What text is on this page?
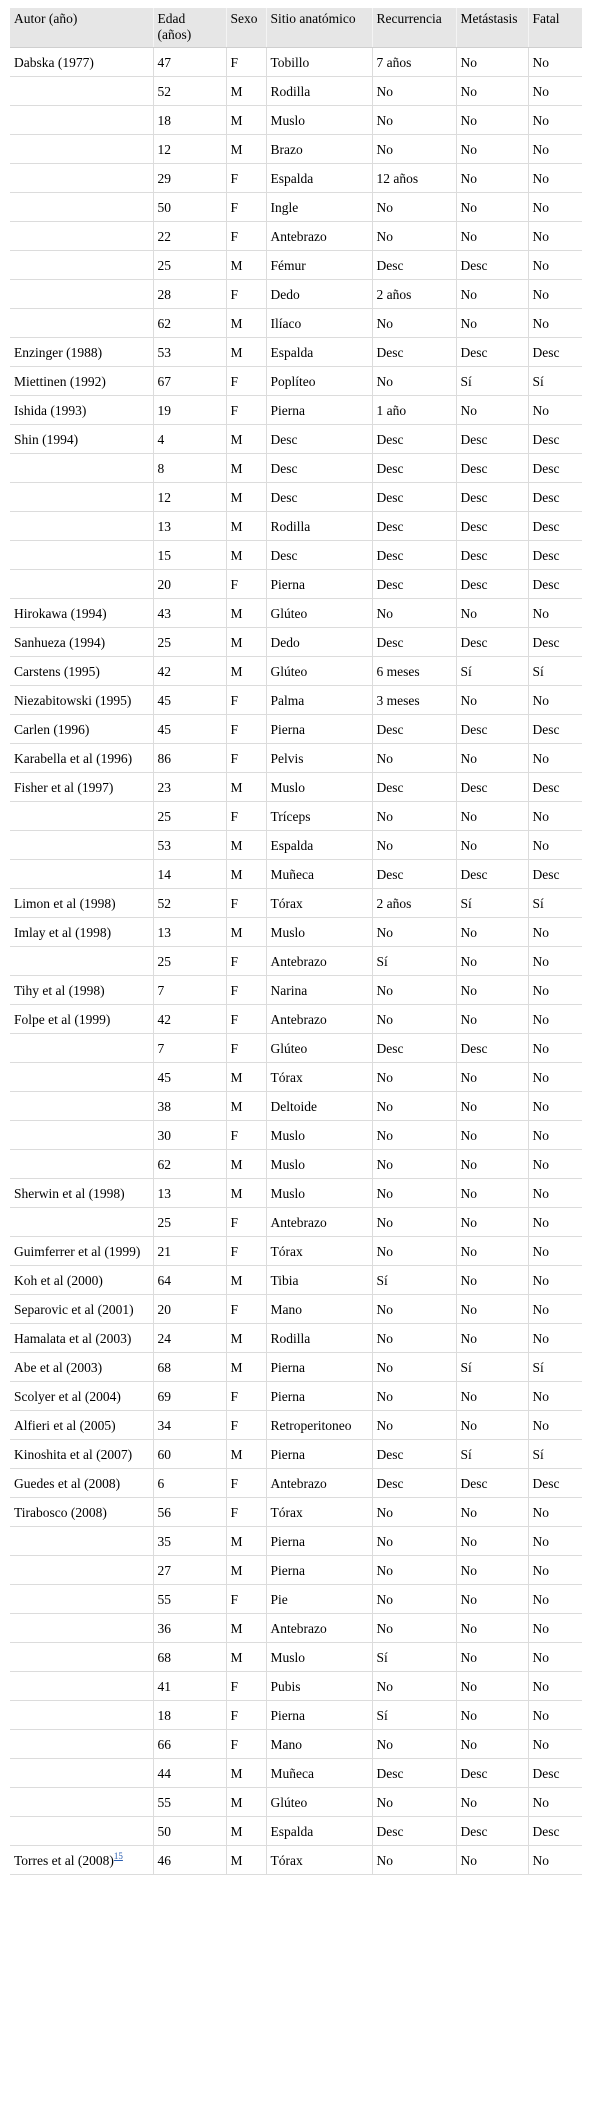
Autor (año)	Edad (años)	Sexo	Sitio anatómico	Recurrencia	Metástasis	Fatal
Dabska (1977)	47	F	Tobillo	7 años	No	No
	52	M	Rodilla	No	No	No
	18	M	Muslo	No	No	No
	12	M	Brazo	No	No	No
	29	F	Espalda	12 años	No	No
	50	F	Ingle	No	No	No
	22	F	Antebrazo	No	No	No
	25	M	Fémur	Desc	Desc	No
	28	F	Dedo	2 años	No	No
	62	M	Ilíaco	No	No	No
Enzinger (1988)	53	M	Espalda	Desc	Desc	Desc
Miettinen (1992)	67	F	Poplíteo	No	Sí	Sí
Ishida (1993)	19	F	Pierna	1 año	No	No
Shin (1994)	4	M	Desc	Desc	Desc	Desc
	8	M	Desc	Desc	Desc	Desc
	12	M	Desc	Desc	Desc	Desc
	13	M	Rodilla	Desc	Desc	Desc
	15	M	Desc	Desc	Desc	Desc
	20	F	Pierna	Desc	Desc	Desc
Hirokawa (1994)	43	M	Glúteo	No	No	No
Sanhueza (1994)	25	M	Dedo	Desc	Desc	Desc
Carstens (1995)	42	M	Glúteo	6 meses	Sí	Sí
Niezabitowski (1995)	45	F	Palma	3 meses	No	No
Carlen (1996)	45	F	Pierna	Desc	Desc	Desc
Karabella et al (1996)	86	F	Pelvis	No	No	No
Fisher et al (1997)	23	M	Muslo	Desc	Desc	Desc
	25	F	Tríceps	No	No	No
	53	M	Espalda	No	No	No
	14	M	Muñeca	Desc	Desc	Desc
Limon et al (1998)	52	F	Tórax	2 años	Sí	Sí
Imlay et al (1998)	13	M	Muslo	No	No	No
	25	F	Antebrazo	Sí	No	No
Tihy et al (1998)	7	F	Narina	No	No	No
Folpe et al (1999)	42	F	Antebrazo	No	No	No
	7	F	Glúteo	Desc	Desc	No
	45	M	Tórax	No	No	No
	38	M	Deltoide	No	No	No
	30	F	Muslo	No	No	No
	62	M	Muslo	No	No	No
Sherwin et al (1998)	13	M	Muslo	No	No	No
	25	F	Antebrazo	No	No	No
Guimferrer et al (1999)	21	F	Tórax	No	No	No
Koh et al (2000)	64	M	Tibia	Sí	No	No
Separovic et al (2001)	20	F	Mano	No	No	No
Hamalata et al (2003)	24	M	Rodilla	No	No	No
Abe et al (2003)	68	M	Pierna	No	Sí	Sí
Scolyer et al (2004)	69	F	Pierna	No	No	No
Alfieri et al (2005)	34	F	Retroperitoneo	No	No	No
Kinoshita et al (2007)	60	M	Pierna	Desc	Sí	Sí
Guedes et al (2008)	6	F	Antebrazo	Desc	Desc	Desc
Tirabosco (2008)	56	F	Tórax	No	No	No
	35	M	Pierna	No	No	No
	27	M	Pierna	No	No	No
	55	F	Pie	No	No	No
	36	M	Antebrazo	No	No	No
	68	M	Muslo	Sí	No	No
	41	F	Pubis	No	No	No
	18	F	Pierna	Sí	No	No
	66	F	Mano	No	No	No
	44	M	Muñeca	Desc	Desc	Desc
	55	M	Glúteo	No	No	No
	50	M	Espalda	Desc	Desc	Desc
Torres et al (2008)$^{15}$	46	M	Tórax	No	No	No
